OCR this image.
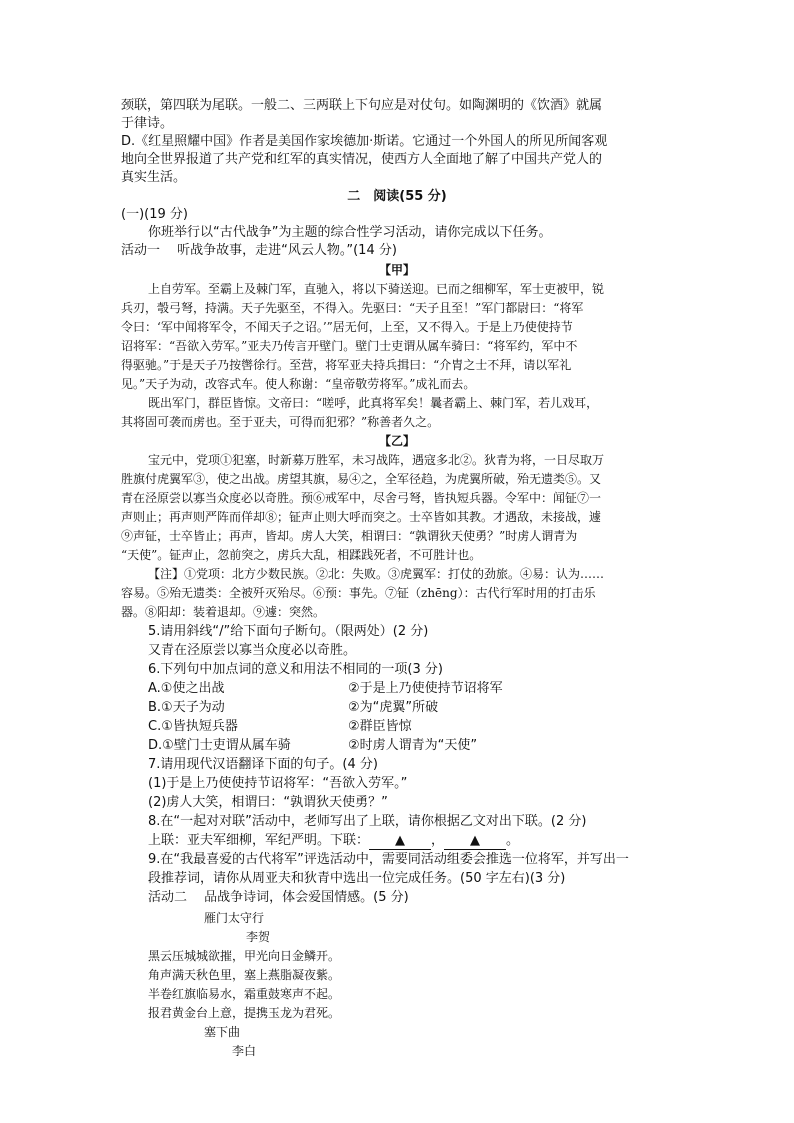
颈联，第四联为尾联。一般二、三两联上下句应是对仗句。如陶渊明的《饮酒》就属
于律诗。
D.《红星照耀中国》作者是美国作家埃德加·斯诺。它通过一个外国人的所见所闻客观
地向全世界报道了共产党和红军的真实情况，使西方人全面地了解了中国共产党人的
真实生活。
二　阅读(55 分)
(一)(19 分)
你班举行以“古代战争”为主题的综合性学习活动，请你完成以下任务。
活动一　 听战争故事，走进“风云人物。”(14 分)
【甲】
上自劳军。至霸上及棘门军，直驰入，将以下骑送迎。已而之细柳军，军士吏被甲，锐
兵刃，彀弓弩，持满。天子先驱至，不得入。先驱曰：“天子且至！”军门都尉曰：“将军
令曰：‘军中闻将军令，不闻天子之诏。’”居无何，上至，又不得入。于是上乃使使持节
诏将军：“吾欲入劳军。”亚夫乃传言开壁门。壁门士吏谓从属车骑曰：“将军约，军中不
得驱驰。”于是天子乃按辔徐行。至营，将军亚夫持兵揖曰：“介胄之士不拜，请以军礼
见。”天子为动，改容式车。使人称谢：“皇帝敬劳将军。”成礼而去。
既出军门，群臣皆惊。文帝曰：“嗟呼，此真将军矣！曩者霸上、棘门军，若儿戏耳，
其将固可袭而虏也。至于亚夫，可得而犯邪？”称善者久之。
【乙】
宝元中，党项①犯塞，时新募万胜军，未习战阵，遇寇多北②。狄青为将，一日尽取万
胜旗付虎翼军③，使之出战。虏望其旗，易④之，全军径趋，为虎翼所破，殆无遗类⑤。又
青在泾原尝以寡当众度必以奇胜。预⑥戒军中，尽舍弓弩，皆执短兵器。令军中：闻钲⑦一
声则止；再声则严阵而佯却⑧；钲声止则大呼而突之。士卒皆如其教。才遇敌，未接战，遽
⑨声钲，士卒皆止；再声，皆却。虏人大笑，相谓曰：“孰谓狄天使勇？”时虏人谓青为
“天使”。钲声止，忽前突之，虏兵大乱，相蹂践死者，不可胜计也。
【注】①党项：北方少数民族。②北：失败。③虎翼军：打仗的劲旅。④易：认为……
容易。⑤殆无遗类：全被歼灭殆尽。⑥预：事先。⑦钲（zhēng）：古代行军时用的打击乐
器。⑧阳却：装着退却。⑨遽：突然。
5.请用斜线“/”给下面句子断句。（限两处）(2 分)
又青在泾原尝以寡当众度必以奇胜。
6.下列句中加点词的意义和用法不相同的一项(3 分)
A.①使之出战	②于是上乃使使持节诏将军
B.①天子为动	②为“虎翼”所破
C.①皆执短兵器	②群臣皆惊
D.①壁门士吏谓从属车骑	②时虏人谓青为“天使”
7.请用现代汉语翻译下面的句子。(4 分)
(1)于是上乃使使持节诏将军：“吾欲入劳军。”
(2)虏人大笑，相谓曰：“孰谓狄天使勇？”
8.在“一起对对联”活动中，老师写出了上联，请你根据乙文对出下联。(2 分)
上联：亚夫军细柳，军纪严明。下联： ▲ ， ▲ 。
9.在“我最喜爱的古代将军”评选活动中，需要同活动组委会推选一位将军，并写出一
段推荐词，请你从周亚夫和狄青中选出一位完成任务。(50 字左右)(3 分)
活动二　 品战争诗词，体会爱国情感。(5 分)
雁门太守行
李贺
黑云压城城欲摧，甲光向日金鳞开。
角声满天秋色里，塞上燕脂凝夜紫。
半卷红旗临易水，霜重鼓寒声不起。
报君黄金台上意，提携玉龙为君死。
塞下曲
李白
